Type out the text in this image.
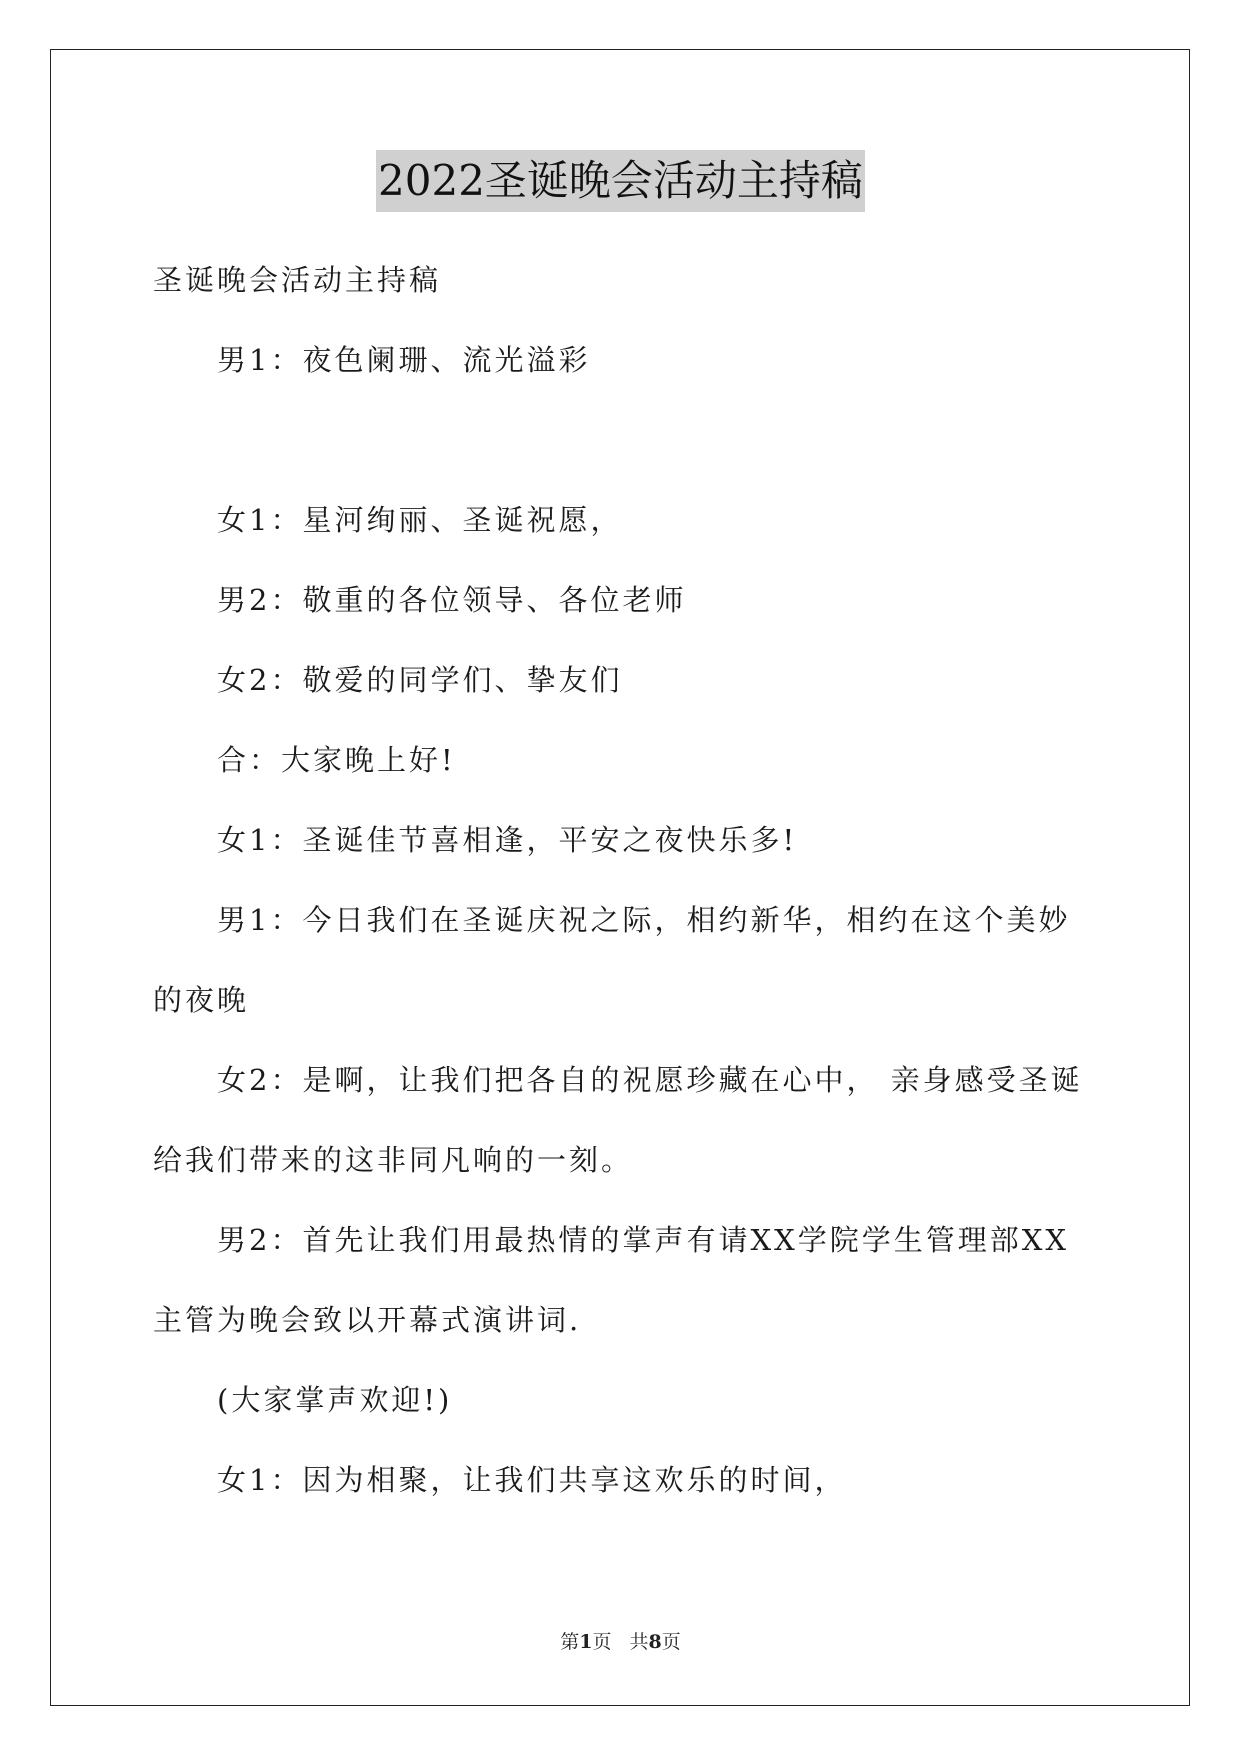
2022圣诞晚会活动主持稿

圣诞晚会活动主持稿

男1：夜色阑珊、流光溢彩

女1：星河绚丽、圣诞祝愿，

男2：敬重的各位领导、各位老师

女2：敬爱的同学们、挚友们

合：大家晚上好!

女1：圣诞佳节喜相逢，平安之夜快乐多!

男1：今日我们在圣诞庆祝之际，相约新华，相约在这个美妙的夜晚

女2：是啊，让我们把各自的祝愿珍藏在心中， 亲身感受圣诞给我们带来的这非同凡响的一刻。

男2：首先让我们用最热情的掌声有请XX学院学生管理部XX主管为晚会致以开幕式演讲词.

(大家掌声欢迎!)

女1：因为相聚，让我们共享这欢乐的时间，

第1页 共8页
